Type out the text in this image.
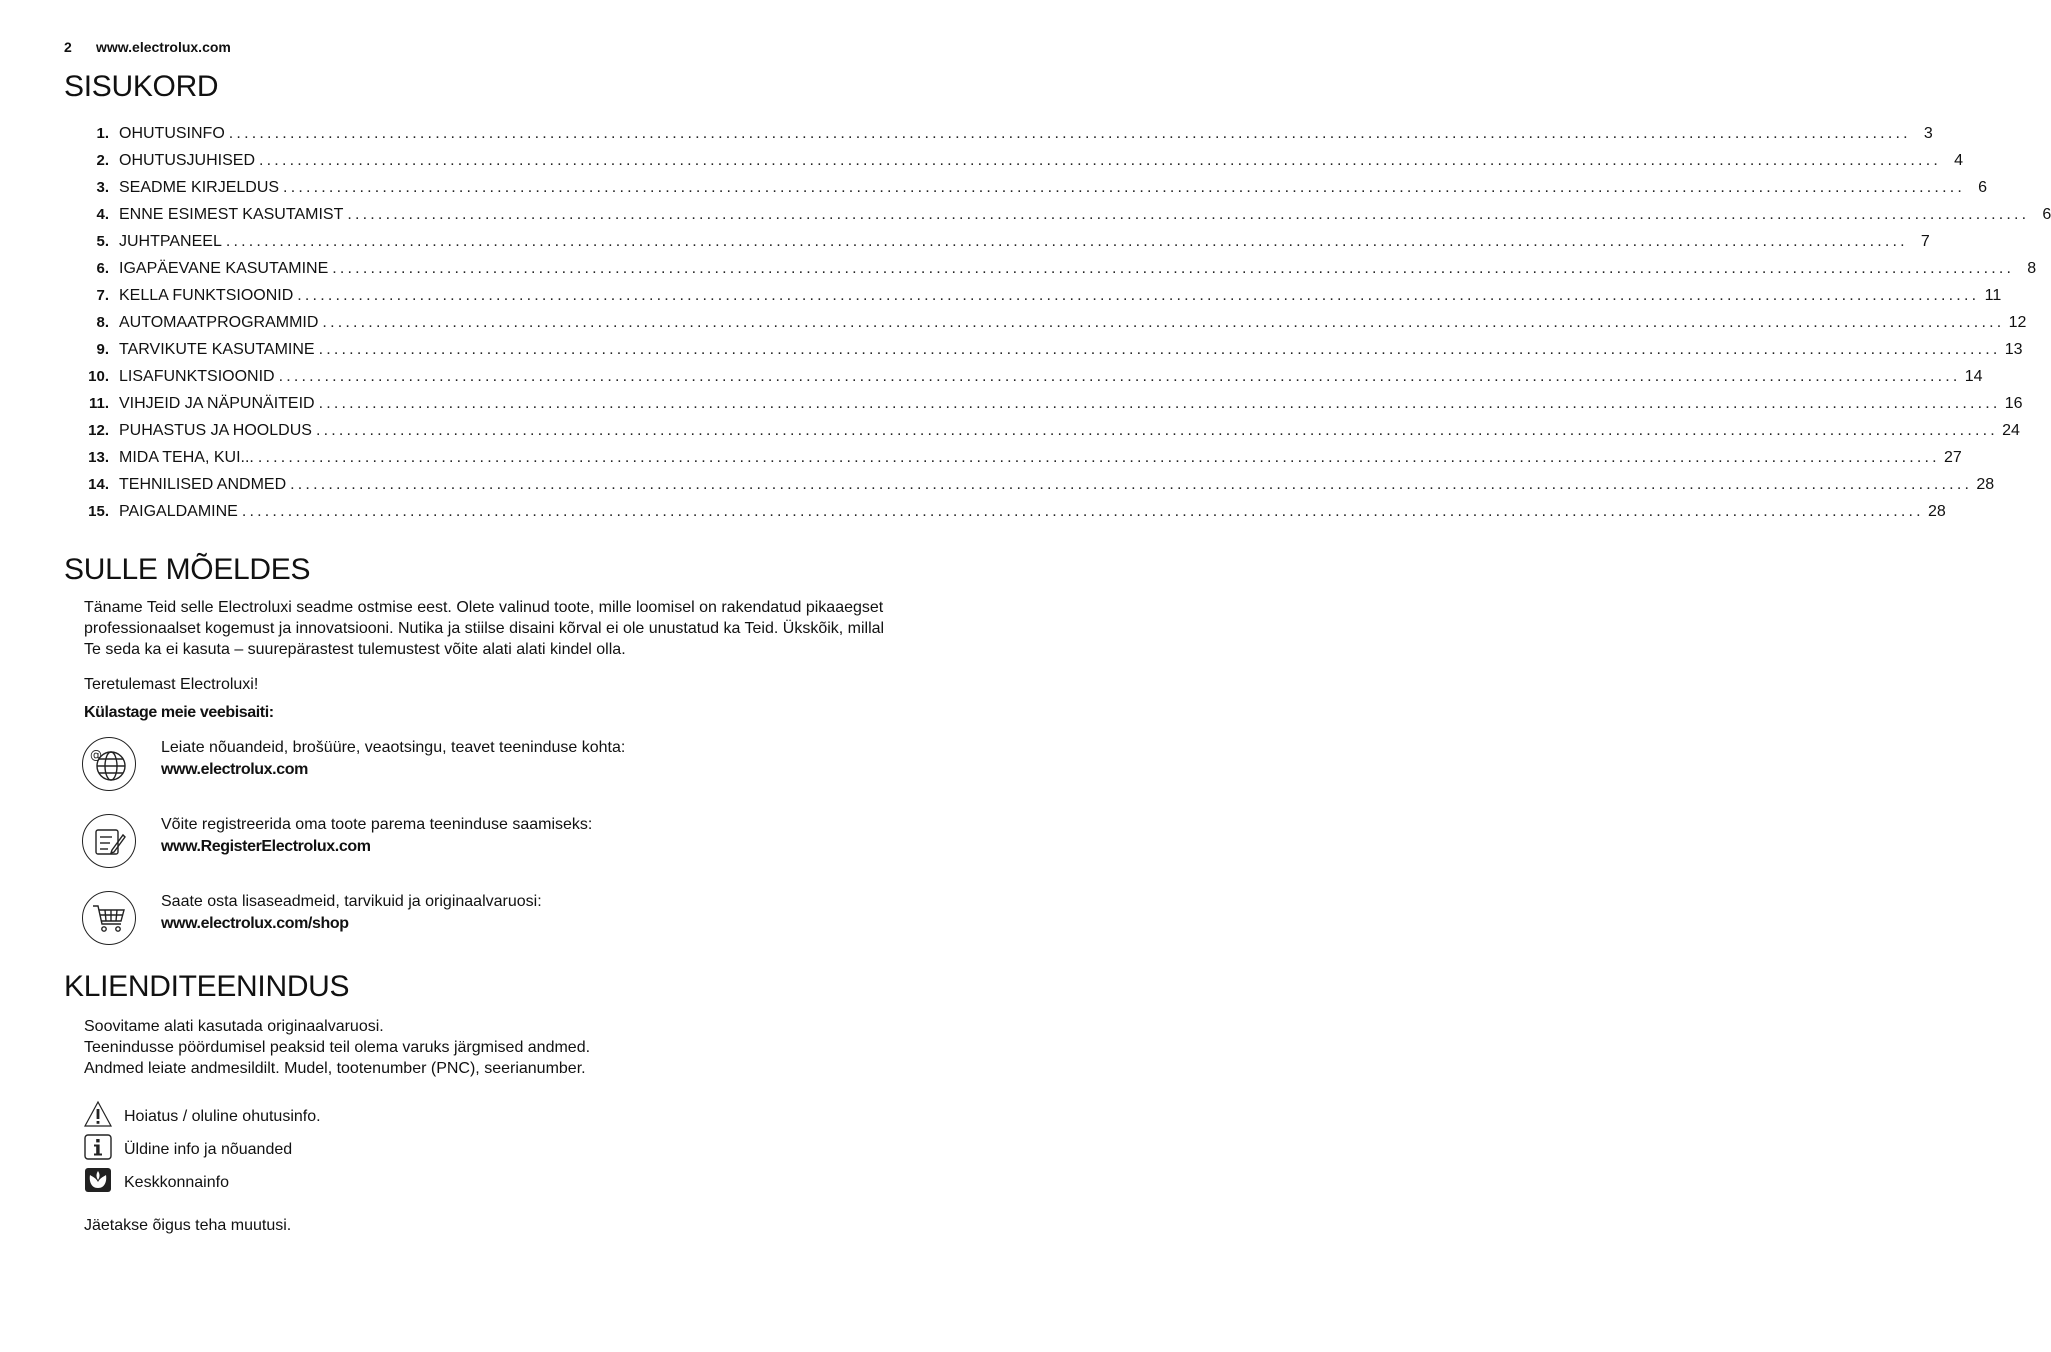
2 www.electrolux.com
SISUKORD
1. OHUTUSINFO ............................................................................................................................................................................................................................ 3
2. OHUTUSJUHISED ............................................................................................................................................................................................................................ 4
3. SEADME KIRJELDUS ............................................................................................................................................................................................................................ 6
4. ENNE ESIMEST KASUTAMIST ............................................................................................................................................................................................................................ 6
5. JUHTPANEEL ............................................................................................................................................................................................................................ 7
6. IGAPÄEVANE KASUTAMINE ............................................................................................................................................................................................................................ 8
7. KELLA FUNKTSIOONID ............................................................................................................................................................................................................................ 11
8. AUTOMAATPROGRAMMID ............................................................................................................................................................................................................................ 12
9. TARVIKUTE KASUTAMINE ............................................................................................................................................................................................................................ 13
10. LISAFUNKTSIOONID ............................................................................................................................................................................................................................ 14
11. VIHJEID JA NÄPUNÄITEID ............................................................................................................................................................................................................................ 16
12. PUHASTUS JA HOOLDUS ............................................................................................................................................................................................................................ 24
13. MIDA TEHA, KUI... ............................................................................................................................................................................................................................ 27
14. TEHNILISED ANDMED ............................................................................................................................................................................................................................ 28
15. PAIGALDAMINE ............................................................................................................................................................................................................................ 28
SULLE MÕELDES
Täname Teid selle Electroluxi seadme ostmise eest. Olete valinud toote, mille loomisel on rakendatud pikaaegset professionaalset kogemust ja innovatsiooni. Nutika ja stiilse disaini kõrval ei ole unustatud ka Teid. Ükskõik, millal Te seda ka ei kasuta – suurepärastest tulemustest võite alati alati kindel olla.
Teretulemast Electroluxi!
Külastage meie veebisaiti:
@	Leiate nõuandeid, brošüüre, veaotsingu, teavet teeninduse kohta:
www.electrolux.com
Võite registreerida oma toote parema teeninduse saamiseks:
www.RegisterElectrolux.com
Saate osta lisaseadmeid, tarvikuid ja originaalvaruosi:
www.electrolux.com/shop
KLIENDITEENINDUS
Soovitame alati kasutada originaalvaruosi.
Teenindusse pöördumisel peaksid teil olema varuks järgmised andmed.
Andmed leiate andmesildilt. Mudel, tootenumber (PNC), seerianumber.
Hoiatus / oluline ohutusinfo.
Üldine info ja nõuanded
Keskkonnainfo
Jäetakse õigus teha muutusi.
